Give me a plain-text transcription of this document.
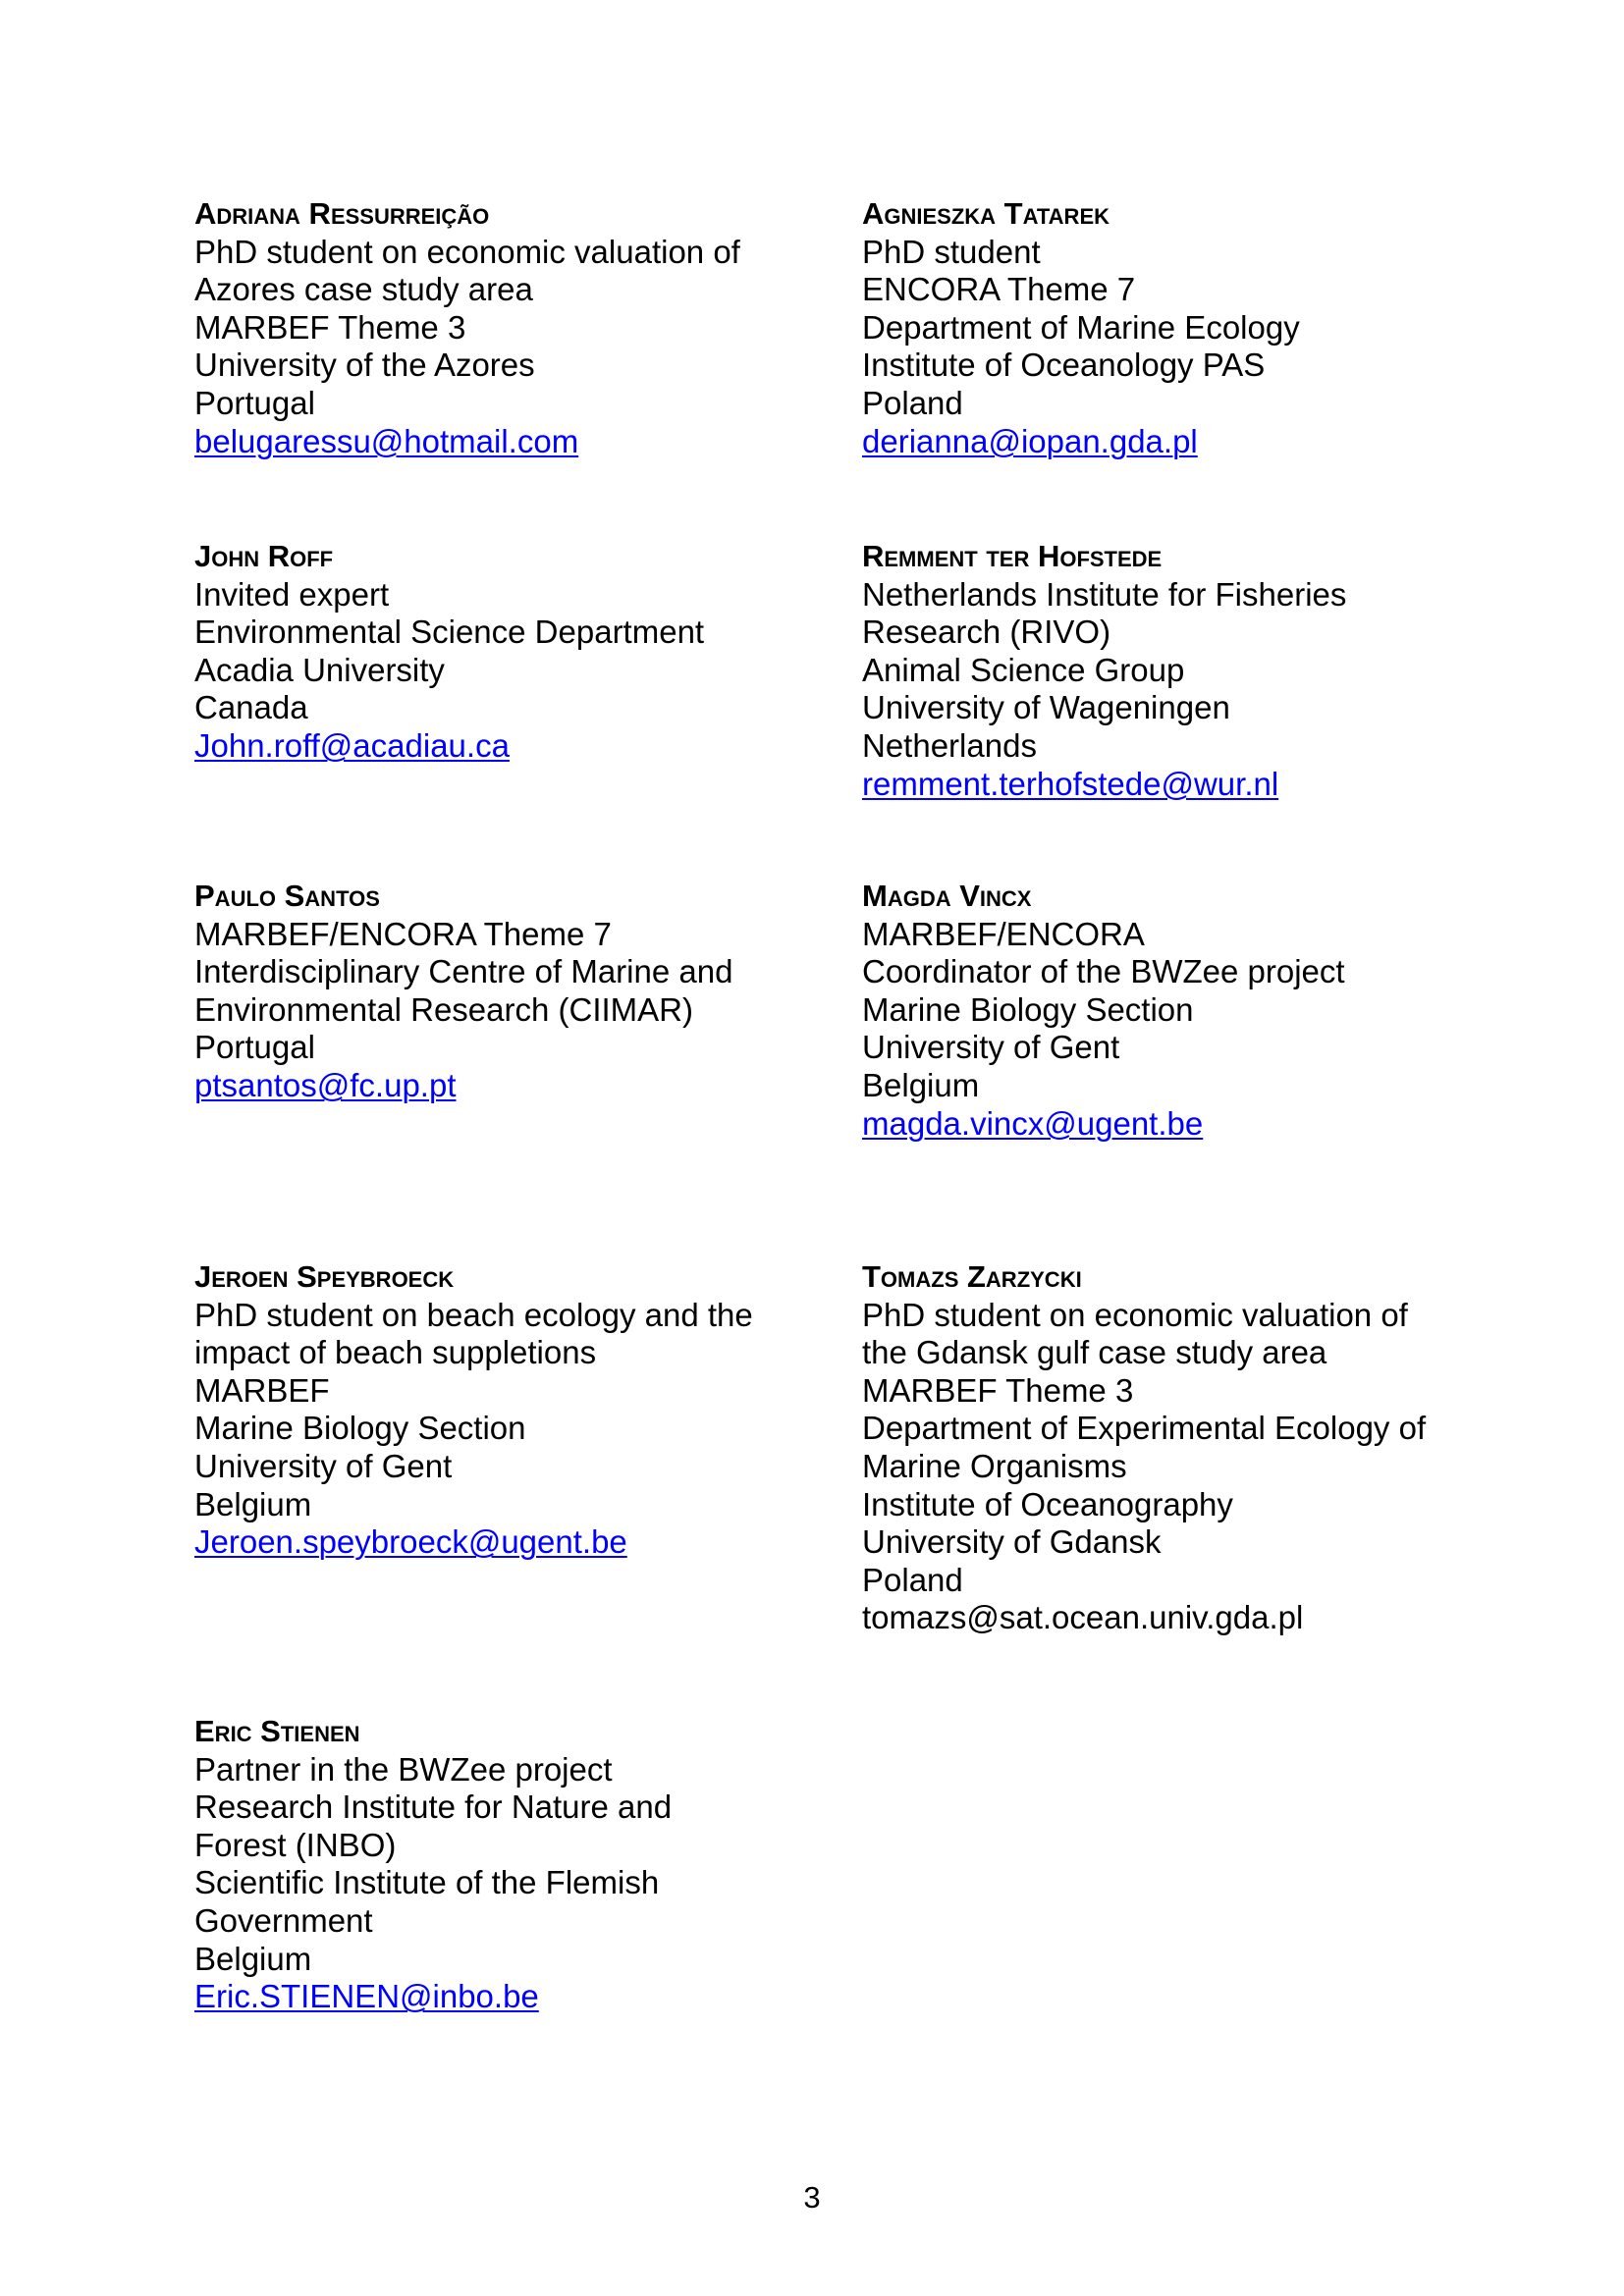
Adriana Ressurreição
PhD student on economic valuation of
Azores case study area
MARBEF Theme 3
University of the Azores
Portugal
belugaressu@hotmail.com
Agnieszka Tatarek
PhD student
ENCORA Theme 7
Department of Marine Ecology
Institute of Oceanology PAS
Poland
derianna@iopan.gda.pl
John Roff
Invited expert
Environmental Science Department
Acadia University
Canada
John.roff@acadiau.ca
Remment ter Hofstede
Netherlands Institute for Fisheries
Research (RIVO)
Animal Science Group
University of Wageningen
Netherlands
remment.terhofstede@wur.nl
Paulo Santos
MARBEF/ENCORA Theme 7
Interdisciplinary Centre of Marine and
Environmental Research (CIIMAR)
Portugal
ptsantos@fc.up.pt
Magda Vincx
MARBEF/ENCORA
Coordinator of the BWZee project
Marine Biology Section
University of Gent
Belgium
magda.vincx@ugent.be
Jeroen Speybroeck
PhD student on beach ecology and the
impact of beach suppletions
MARBEF
Marine Biology Section
University of Gent
Belgium
Jeroen.speybroeck@ugent.be
Tomazs Zarzycki
PhD student on economic valuation of
the Gdansk gulf case study area
MARBEF Theme 3
Department of Experimental Ecology of
Marine Organisms
Institute of Oceanography
University of Gdansk
Poland
tomazs@sat.ocean.univ.gda.pl
Eric Stienen
Partner in the BWZee project
Research Institute for Nature and
Forest (INBO)
Scientific Institute of the Flemish
Government
Belgium
Eric.STIENEN@inbo.be
3
